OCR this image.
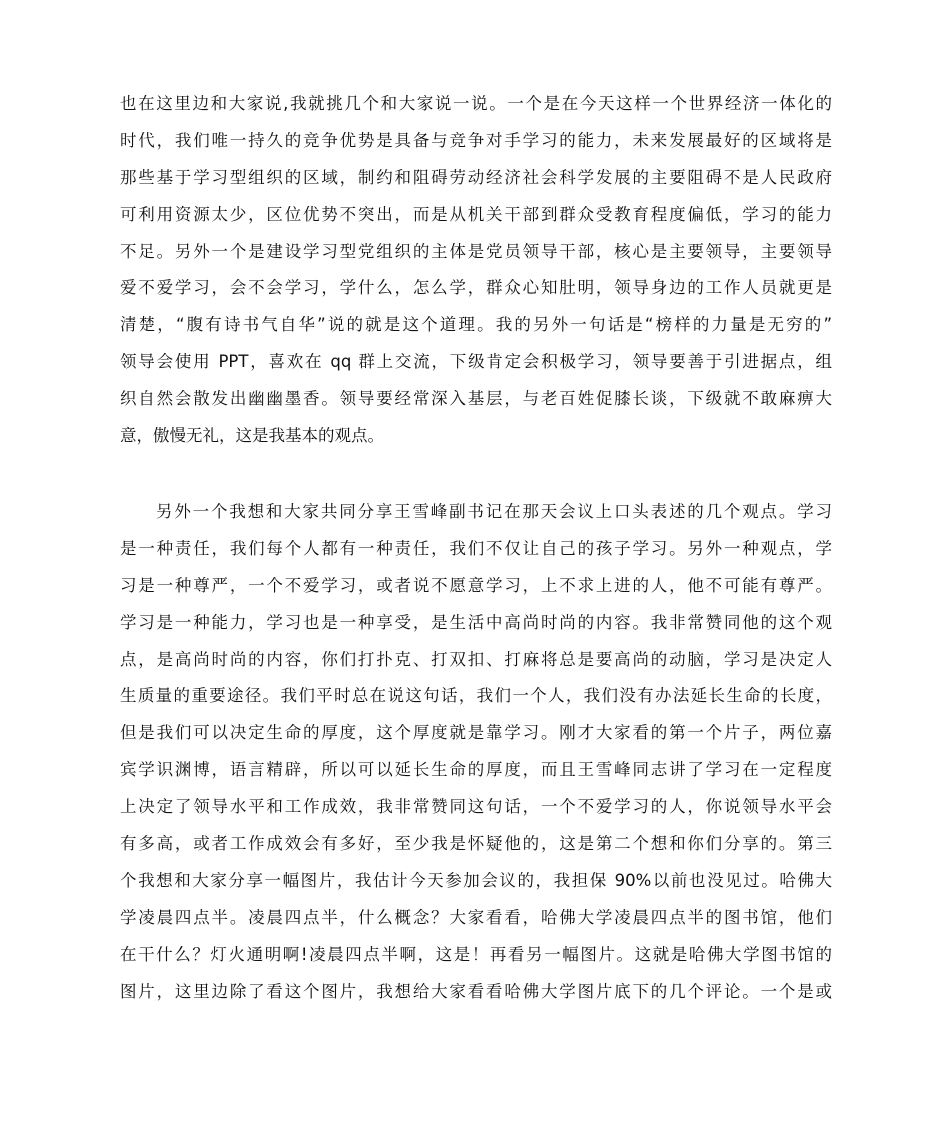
也在这里边和大家说,我就挑几个和大家说一说。一个是在今天这样一个世界经济一体化的
时代，我们唯一持久的竞争优势是具备与竞争对手学习的能力，未来发展最好的区域将是
那些基于学习型组织的区域，制约和阻碍劳动经济社会科学发展的主要阻碍不是人民政府
可利用资源太少，区位优势不突出，而是从机关干部到群众受教育程度偏低，学习的能力
不足。另外一个是建设学习型党组织的主体是党员领导干部，核心是主要领导，主要领导
爱不爱学习，会不会学习，学什么，怎么学，群众心知肚明，领导身边的工作人员就更是
清楚，“腹有诗书气自华”说的就是这个道理。我的另外一句话是“榜样的力量是无穷的”
领导会使用 PPT，喜欢在 qq 群上交流，下级肯定会积极学习，领导要善于引进据点，组
织自然会散发出幽幽墨香。领导要经常深入基层，与老百姓促膝长谈，下级就不敢麻痹大
意，傲慢无礼，这是我基本的观点。
另外一个我想和大家共同分享王雪峰副书记在那天会议上口头表述的几个观点。学习
是一种责任，我们每个人都有一种责任，我们不仅让自己的孩子学习。另外一种观点，学
习是一种尊严，一个不爱学习，或者说不愿意学习，上不求上进的人，他不可能有尊严。
学习是一种能力，学习也是一种享受，是生活中高尚时尚的内容。我非常赞同他的这个观
点，是高尚时尚的内容，你们打扑克、打双扣、打麻将总是要高尚的动脑，学习是决定人
生质量的重要途径。我们平时总在说这句话，我们一个人，我们没有办法延长生命的长度，
但是我们可以决定生命的厚度，这个厚度就是靠学习。刚才大家看的第一个片子，两位嘉
宾学识渊博，语言精辟，所以可以延长生命的厚度，而且王雪峰同志讲了学习在一定程度
上决定了领导水平和工作成效，我非常赞同这句话，一个不爱学习的人，你说领导水平会
有多高，或者工作成效会有多好，至少我是怀疑他的，这是第二个想和你们分享的。第三
个我想和大家分享一幅图片，我估计今天参加会议的，我担保 90%以前也没见过。哈佛大
学凌晨四点半。凌晨四点半，什么概念？大家看看，哈佛大学凌晨四点半的图书馆，他们
在干什么？灯火通明啊!凌晨四点半啊，这是！再看另一幅图片。这就是哈佛大学图书馆的
图片，这里边除了看这个图片，我想给大家看看哈佛大学图片底下的几个评论。一个是或
